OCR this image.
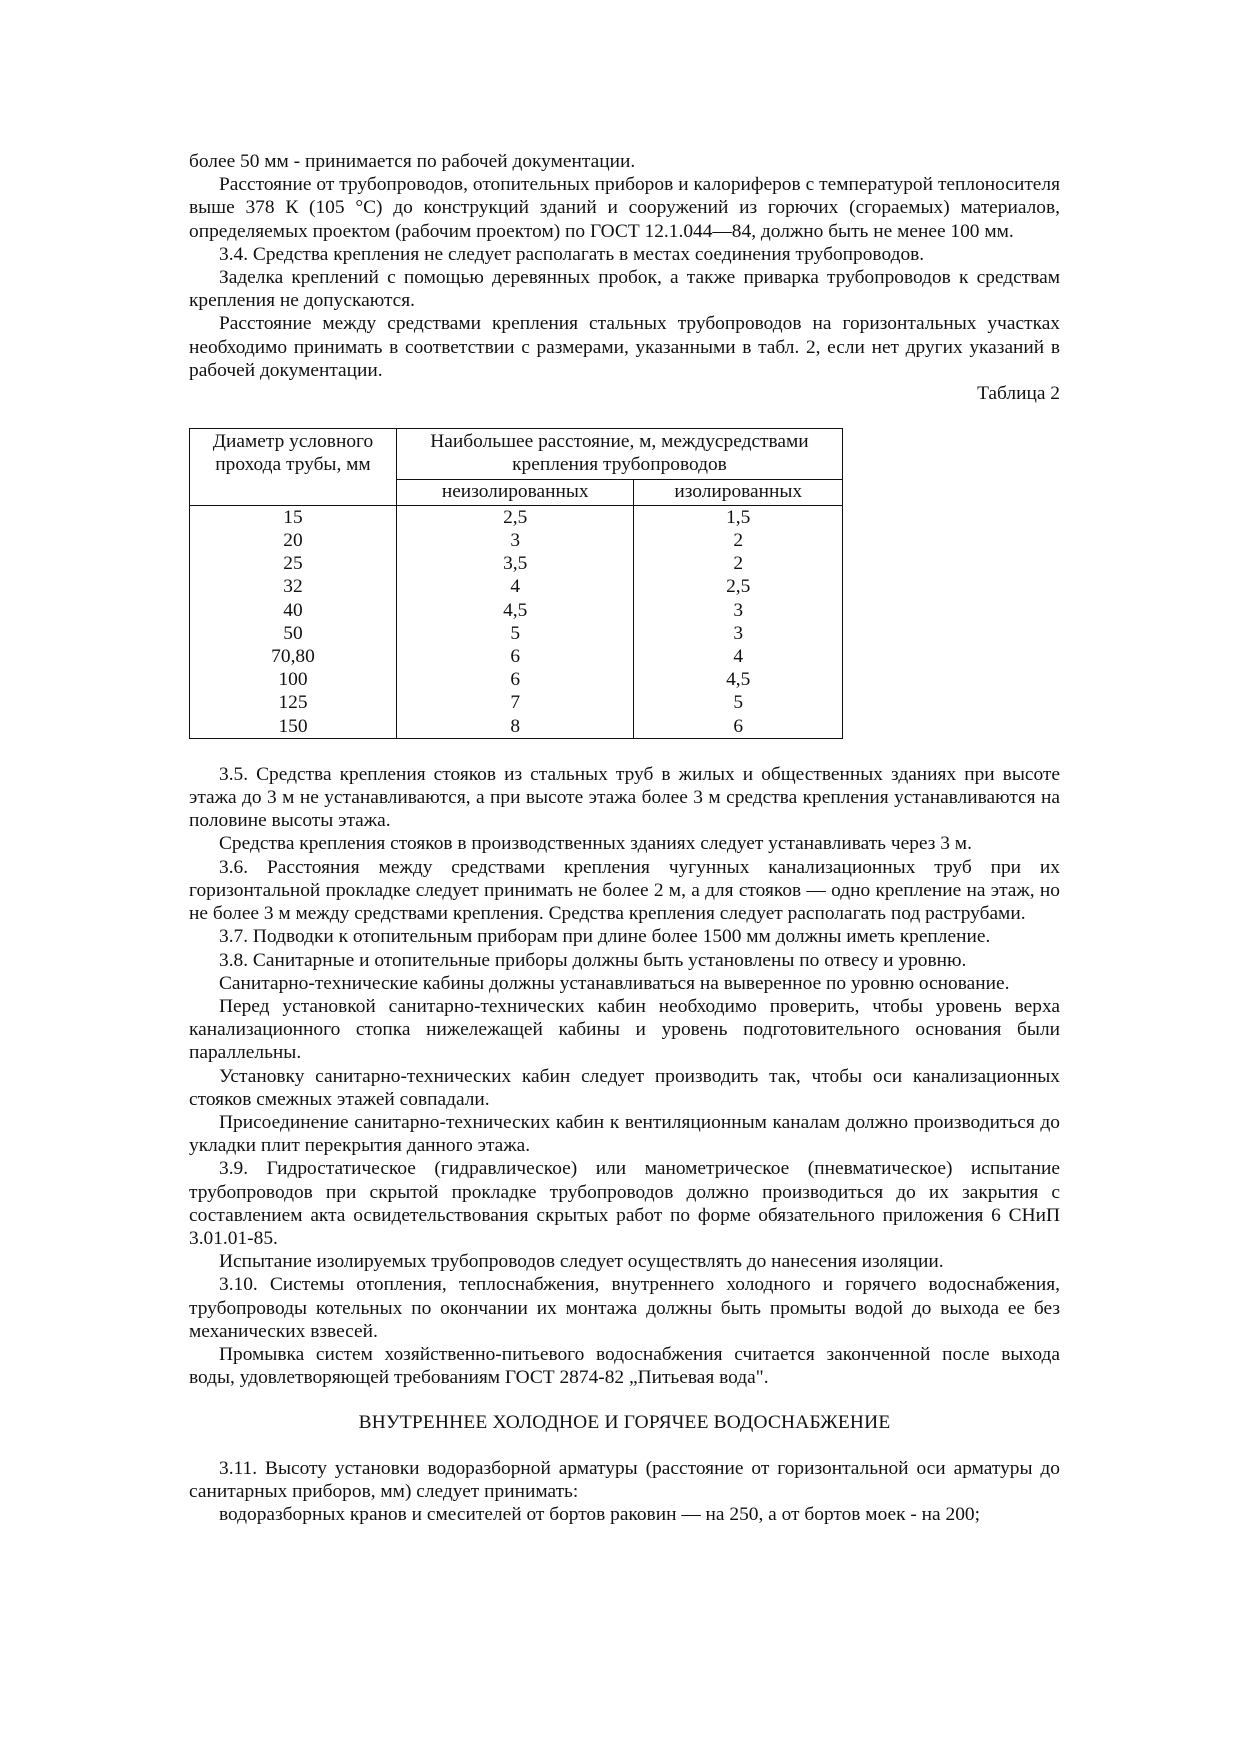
более 50 мм - принимается по рабочей документации.

Расстояние от трубопроводов, отопительных приборов и калориферов с температурой теплоносителя выше 378 К (105 °С) до конструкций зданий и сооружений из горючих (сгораемых) материалов, определяемых проектом (рабочим проектом) по ГОСТ 12.1.044—84, должно быть не менее 100 мм.

3.4. Средства крепления не следует располагать в местах соединения трубопроводов.

Заделка креплений с помощью деревянных пробок, а также приварка трубопроводов к средствам крепления не допускаются.

Расстояние между средствами крепления стальных трубопроводов на горизонтальных участках необходимо принимать в соответствии с размерами, указанными в табл. 2, если нет других указаний в рабочей документации.

Таблица 2

Диаметр условного прохода трубы, мм	Наибольшее расстояние, м, междусредствами крепления трубопроводов	
	неизолированных	изолированных
15	2,5	1,5
20	3	2
25	3,5	2
32	4	2,5
40	4,5	3
50	5	3
70,80	6	4
100	6	4,5
125	7	5
150	8	6

3.5. Средства крепления стояков из стальных труб в жилых и общественных зданиях при высоте этажа до 3 м не устанавливаются, а при высоте этажа более 3 м средства крепления устанавливаются на половине высоты этажа.

Средства крепления стояков в производственных зданиях следует устанавливать через 3 м.

3.6. Расстояния между средствами крепления чугунных канализационных труб при их горизонтальной прокладке следует принимать не более 2 м, а для стояков — одно крепление на этаж, но не более 3 м между средствами крепления. Средства крепления следует располагать под раструбами.

3.7. Подводки к отопительным приборам при длине более 1500 мм должны иметь крепление.

3.8. Санитарные и отопительные приборы должны быть установлены по отвесу и уровню.

Санитарно-технические кабины должны устанавливаться на выверенное по уровню основание.

Перед установкой санитарно-технических кабин необходимо проверить, чтобы уровень верха канализационного стопка нижележащей кабины и уровень подготовительного основания были параллельны.

Установку санитарно-технических кабин следует производить так, чтобы оси канализационных стояков смежных этажей совпадали.

Присоединение санитарно-технических кабин к вентиляционным каналам должно производиться до укладки плит перекрытия данного этажа.

3.9. Гидростатическое (гидравлическое) или манометрическое (пневматическое) испытание трубопроводов при скрытой прокладке трубопроводов должно производиться до их закрытия с составлением акта освидетельствования скрытых работ по форме обязательного приложения 6 СНиП 3.01.01-85.

Испытание изолируемых трубопроводов следует осуществлять до нанесения изоляции.

3.10. Системы отопления, теплоснабжения, внутреннего холодного и горячего водоснабжения, трубопроводы котельных по окончании их монтажа должны быть промыты водой до выхода ее без механических взвесей.

Промывка систем хозяйственно-питьевого водоснабжения считается законченной после выхода воды, удовлетворяющей требованиям ГОСТ 2874-82 „Питьевая вода".

ВНУТРЕННЕЕ ХОЛОДНОЕ И ГОРЯЧЕЕ ВОДОСНАБЖЕНИЕ

3.11. Высоту установки водоразборной арматуры (расстояние от горизонтальной оси арматуры до санитарных приборов, мм) следует принимать:

водоразборных кранов и смесителей от бортов раковин — на 250, а от бортов моек - на 200;
